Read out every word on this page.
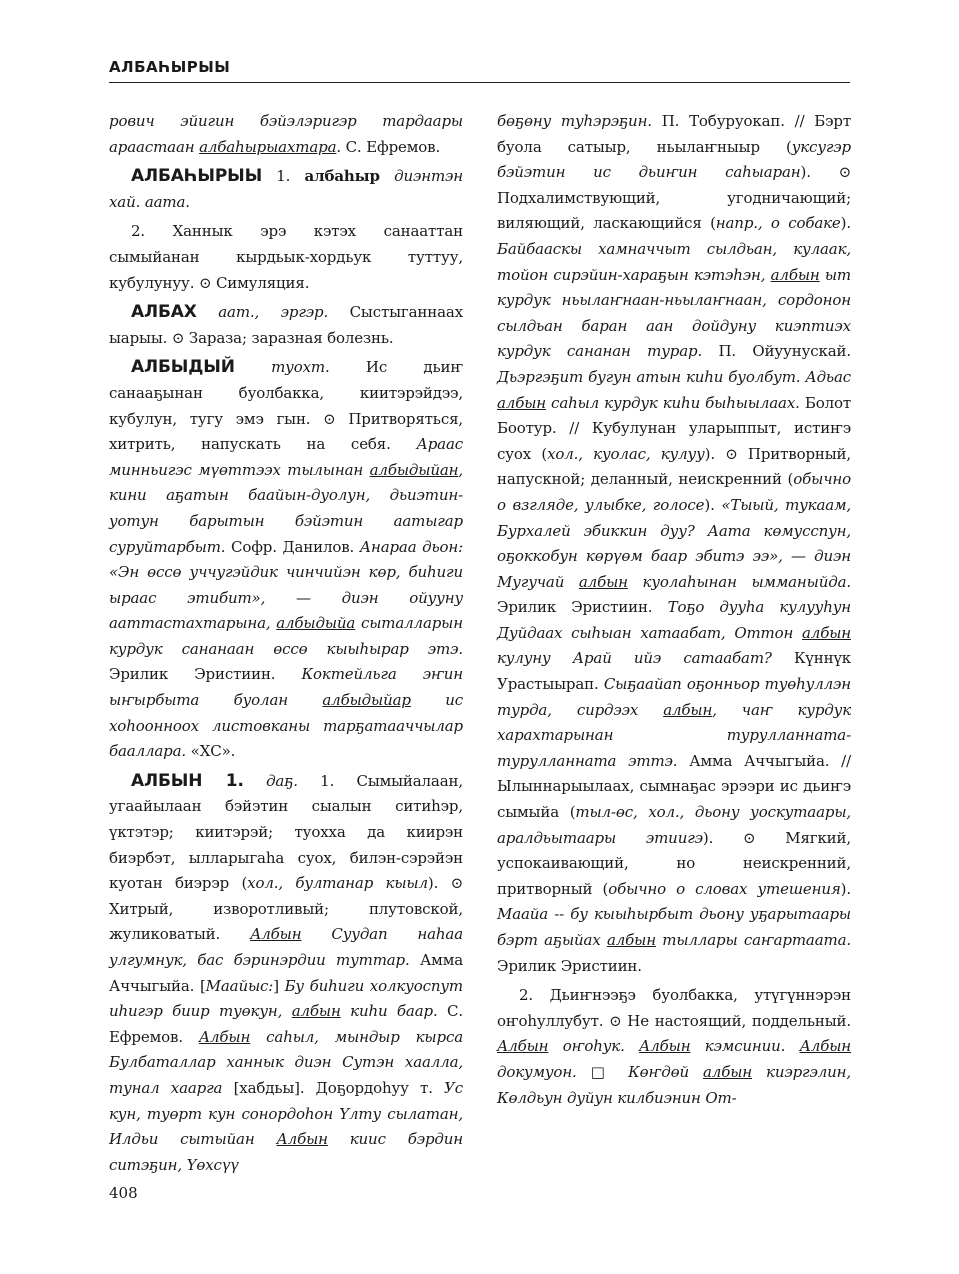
АЛБАҺЫРЫЫ

рович эйигин бэйэлэригэр тардаары араастаан албаһырыахтара. С. Ефремов.

АЛБАҺЫРЫЫ 1. албаһыр диэнтэн хай. аата.

2. Ханнык эрэ кэтэх санааттан сымыйанан кырдьык-хордьук туттуу, кубулунуу. ⊙ Симуляция.

АЛБАХ аат., эргэр. Сыстыганнаах ыарыы. ⊙ Зараза; заразная болезнь.

АЛБЫДЫЙ туохт. Ис дьиҥ санааҕынан буолбакка, киитэрэйдээ, кубулун, тугу эмэ гын. ⊙ Притворяться, хитрить, напускать на себя. Араас минньигэс мүөттээх тылынан албыдыйан, кини аҕатын баайын-дуолун, дьиэтин-уотун барытын бэйэтин аатыгар суруйтарбыт. Софр. Данилов. Анараа дьон: «Эн өссө уччугэйдик чинчийэн көр, биһиги ыраас этибит», — диэн ойууну ааттастахтарына, албыдыйа сыталларын курдук сананаан өссө кыыһырар этэ. Эрилик Эристиин. Коктейльга эҥин ыҥырбыта буолан албыдыйар ис хоһоонноох листовканы тарҕатааччылар бааллара. «ХС».

АЛБЫН 1. даҕ. 1. Сымыйалаан, угаайылаан бэйэтин сыалын ситиһэр, үктэтэр; киитэрэй; туохха да киирэн биэрбэт, ылларыгаһа суох, билэн-сэрэйэн куотан биэрэр (хол., бултанар кыыл). ⊙ Хитрый, изворотливый; плутовской, жуликоватый. Албын Суудап наһаа улгумнук, бас бэринэрдии туттар. Амма Аччыгыйа. [Маайыс:] Бу биһиги холкуоспут иһигэр биир туөкун, албын киһи баар. С. Ефремов. Албын саһыл, мындыр кырса Булбаталлар ханнык диэн Сутэн хаалла, тунал хаарга [хабдьы]. Доҕордоһуу т. Ус кун, туөрт кун сонордоһон Үлту сылатан, Илдьи сытыйан Албын киис бэрдин ситэҕин, Үөхсүү

бөҕөну туһэрэҕин. П. Тобуруокап. // Бэрт буола сатыыр, ньылаҥныыр (уксугэр бэйэтин ис дьиҥин саһыаран). ⊙ Подхалимствующий, угодничающий; виляющий, ласкающийся (напр., о собаке). Байбааскы хамначчыт сылдьан, кулаак, тойон сирэйин-хараҕын кэтэһэн, албын ыт курдук ньылаҥнаан-ньылаҥнаан, сордонон сылдьан баран аан дойдуну киэптиэх курдук сананан турар. П. Ойуунускай. Дьэргэҕит бугун атын киһи буолбут. Адьас албын саһыл курдук киһи быһыылаах. Болот Боотур. // Кубулунан уларыппыт, истиҥэ суох (хол., куолас, кулуу). ⊙ Притворный, напускной; деланный, неискренний (обычно о взгляде, улыбке, голосе). «Тыый, тукаам, Бурхалей эбиккин дуу? Аата көмусспун, оҕоккобун көрүөм баар эбитэ ээ», — диэн Мугучай албын куолаһынан ымманыйда. Эрилик Эристиин. Тоҕо дууһа кулууһун Дуйдаах сыһыан хатаабат, Оттон албын кулуну Арай ийэ сатаабат? Күннүк Урастыырап. Сыҕаайап оҕонньор туөһуллэн турда, сирдээх албын, чаҥ курдук харахтарынан турулланната-турулланната эттэ. Амма Аччыгыйа. // Ылыннарыылаах, сымнаҕас эрээри ис дьиҥэ сымыйа (тыл-өс, хол., дьону уоскутаары, аралдьытаары этиигэ). ⊙ Мягкий, успокаивающий, но неискренний, притворный (обычно о словах утешения). Маайа -- бу кыыһырбыт дьону уҕарытаары бэрт аҕыйах албын тыллары саҥартаата. Эрилик Эристиин.

2. Дьиҥнээҕэ буолбакка, утүгүннэрэн оҥоһуллубут. ⊙ Не настоящий, поддельный. Албын оҥоһук. Албын кэмсинии. Албын докумуон. □ Көҥдөй албын киэргэлин, Көлдьун дуйун килбиэнин От-

408
